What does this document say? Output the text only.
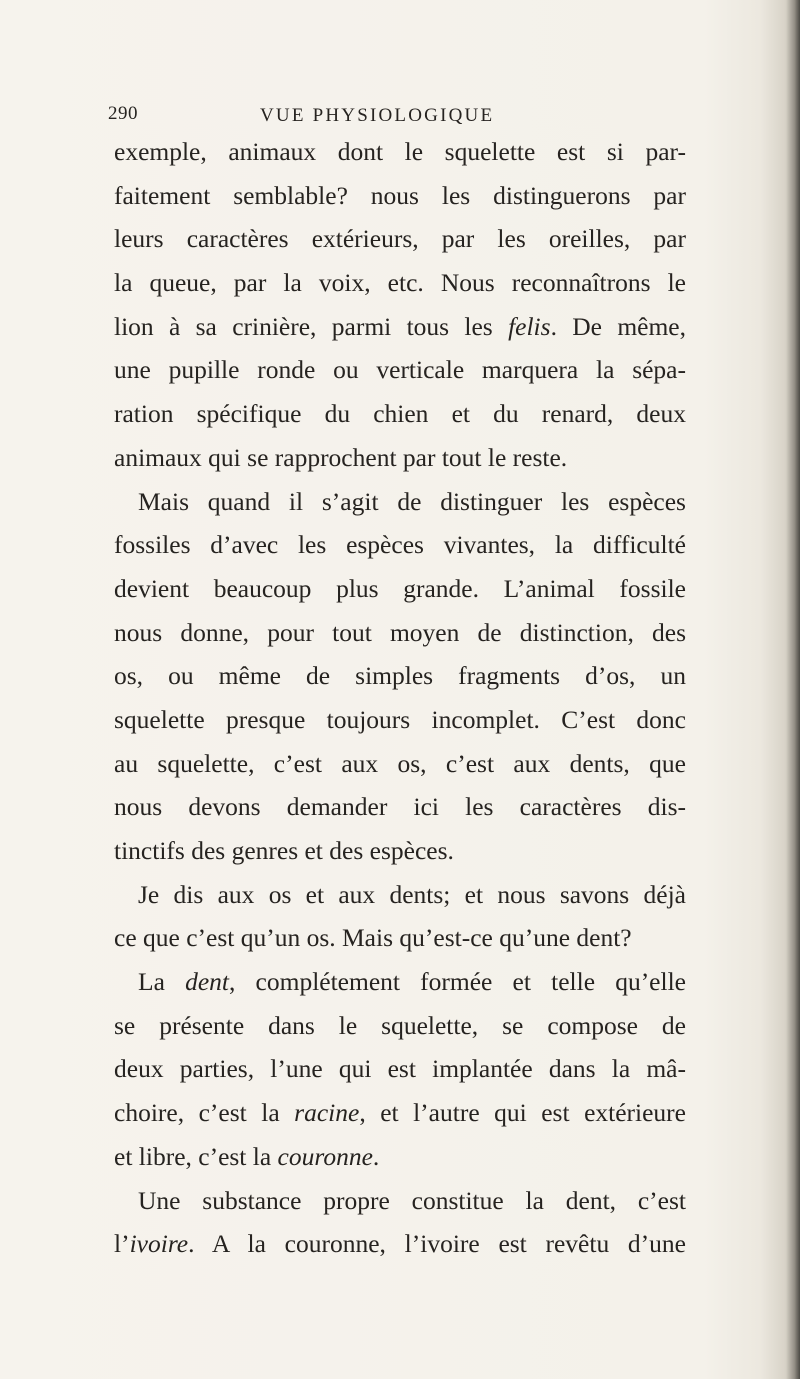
290	VUE PHYSIOLOGIQUE
exemple, animaux dont le squelette est si par-
faitement semblable? nous les distinguerons par
leurs caractères extérieurs, par les oreilles, par
la queue, par la voix, etc. Nous reconnaîtrons le
lion à sa crinière, parmi tous les felis. De même,
une pupille ronde ou verticale marquera la sépa-
ration spécifique du chien et du renard, deux
animaux qui se rapprochent par tout le reste.
Mais quand il s’agit de distinguer les espèces
fossiles d’avec les espèces vivantes, la difficulté
devient beaucoup plus grande. L’animal fossile
nous donne, pour tout moyen de distinction, des
os, ou même de simples fragments d’os, un
squelette presque toujours incomplet. C’est donc
au squelette, c’est aux os, c’est aux dents, que
nous devons demander ici les caractères dis-
tinctifs des genres et des espèces.
Je dis aux os et aux dents; et nous savons déjà
ce que c’est qu’un os. Mais qu’est-ce qu’une dent?
La dent, complétement formée et telle qu’elle
se présente dans le squelette, se compose de
deux parties, l’une qui est implantée dans la mâ-
choire, c’est la racine, et l’autre qui est extérieure
et libre, c’est la couronne.
Une substance propre constitue la dent, c’est
l’ivoire. A la couronne, l’ivoire est revêtu d’une
